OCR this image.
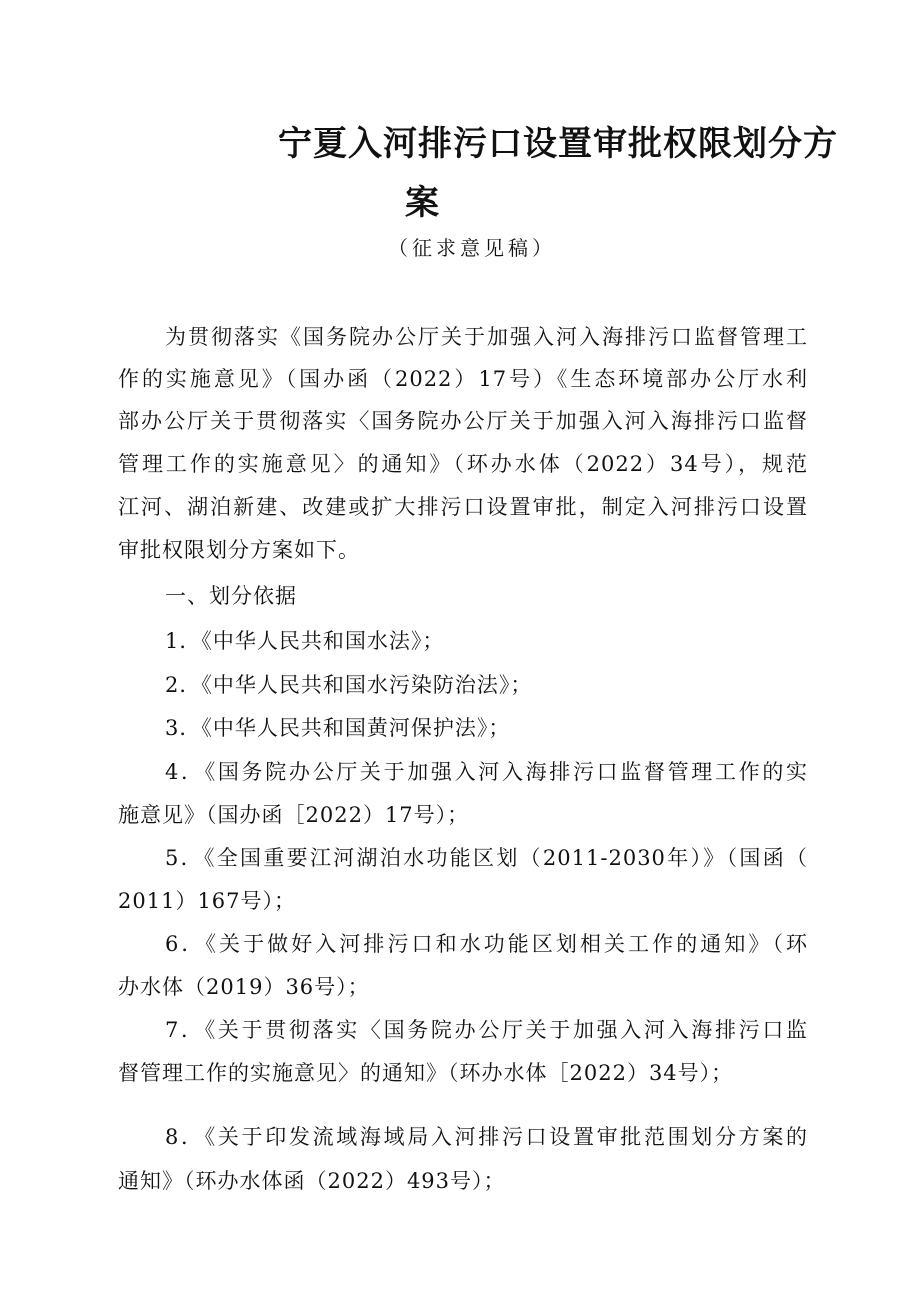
宁夏入河排污口设置审批权限划分方
案

（征求意见稿）

为贯彻落实《国务院办公厅关于加强入河入海排污口监督管理工

作的实施意见》（国办函（2022）17号）《生态环境部办公厅水利

部办公厅关于贯彻落实〈国务院办公厅关于加强入河入海排污口监督

管理工作的实施意见〉的通知》（环办水体（2022）34号），规范

江河、湖泊新建、改建或扩大排污口设置审批，制定入河排污口设置

审批权限划分方案如下。

一、划分依据

1．《中华人民共和国水法》；

2．《中华人民共和国水污染防治法》；

3．《中华人民共和国黄河保护法》；

4．《国务院办公厅关于加强入河入海排污口监督管理工作的实

施意见》（国办函［2022）17号）；

5．《全国重要江河湖泊水功能区划（2011-2030年）》（国函（

2011）167号）；

6．《关于做好入河排污口和水功能区划相关工作的通知》（环

办水体（2019）36号）；

7．《关于贯彻落实〈国务院办公厅关于加强入河入海排污口监

督管理工作的实施意见〉的通知》（环办水体［2022）34号）；

8．《关于印发流域海域局入河排污口设置审批范围划分方案的

通知》（环办水体函（2022）493号）；
